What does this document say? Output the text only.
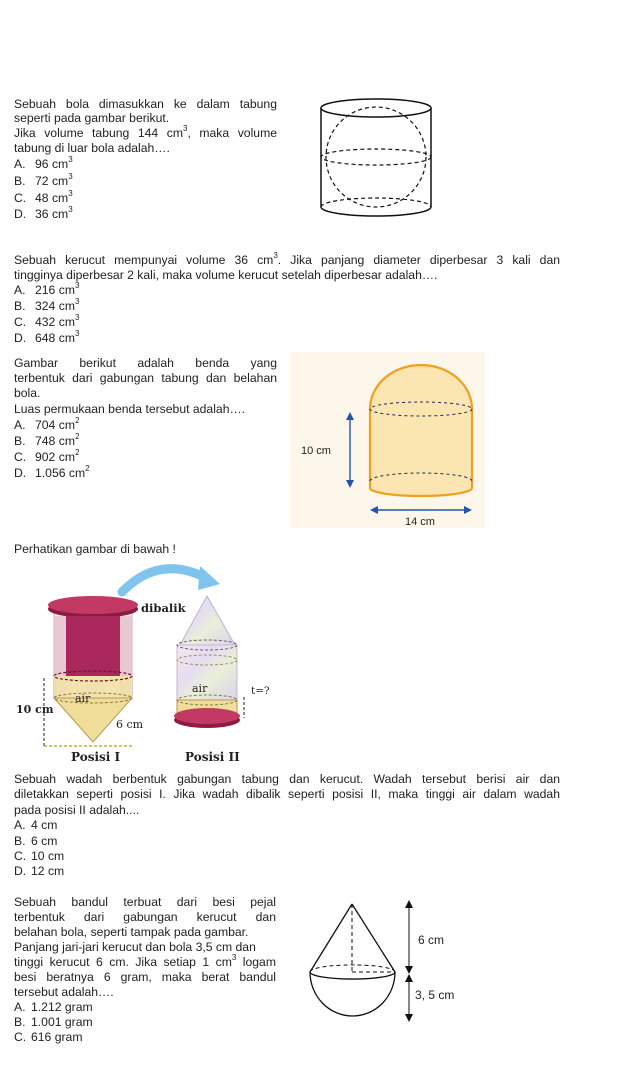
Sebuah bola dimasukkan ke dalam tabung
seperti pada gambar berikut.
Jika volume tabung 144 $cm^3$, maka volume
tabung di luar bola adalah….
A. 96 $cm^3$
B. 72 $cm^3$
C. 48 $cm^3$
D. 36 $cm^3$
Sebuah kerucut mempunyai volume 36 $cm^3$. Jika panjang diameter diperbesar 3 kali dan
tingginya diperbesar 2 kali, maka volume kerucut setelah diperbesar adalah….
A. 216 $cm^3$
B. 324 $cm^3$
C. 432 $cm^3$
D. 648 $cm^3$
Gambar berikut adalah benda yang
terbentuk dari gabungan tabung dan belahan
bola.
Luas permukaan benda tersebut adalah….
A. 704 $cm^2$
B. 748 $cm^2$
C. 902 $cm^2$
D. 1.056 $cm^2$
10 cm
14 cm
Perhatikan gambar di bawah !
air
10 cm
6 cm
Posisi I
dibalik
air	t=?
Posisi II
Sebuah wadah berbentuk gabungan tabung dan kerucut. Wadah tersebut berisi air dan
diletakkan seperti posisi I. Jika wadah dibalik seperti posisi II, maka tinggi air dalam wadah
pada posisi II adalah....
A. 4 cm
B. 6 cm
C. 10 cm
D. 12 cm
Sebuah bandul terbuat dari besi pejal
terbentuk dari gabungan kerucut dan
belahan bola, seperti tampak pada gambar.
Panjang jari-jari kerucut dan bola 3,5 cm dan
tinggi kerucut 6 cm. Jika setiap 1 $cm^3$ logam
besi beratnya 6 gram, maka berat bandul
tersebut adalah….
A. 1.212 gram
B. 1.001 gram
C. 616 gram
6 cm
3, 5 cm
